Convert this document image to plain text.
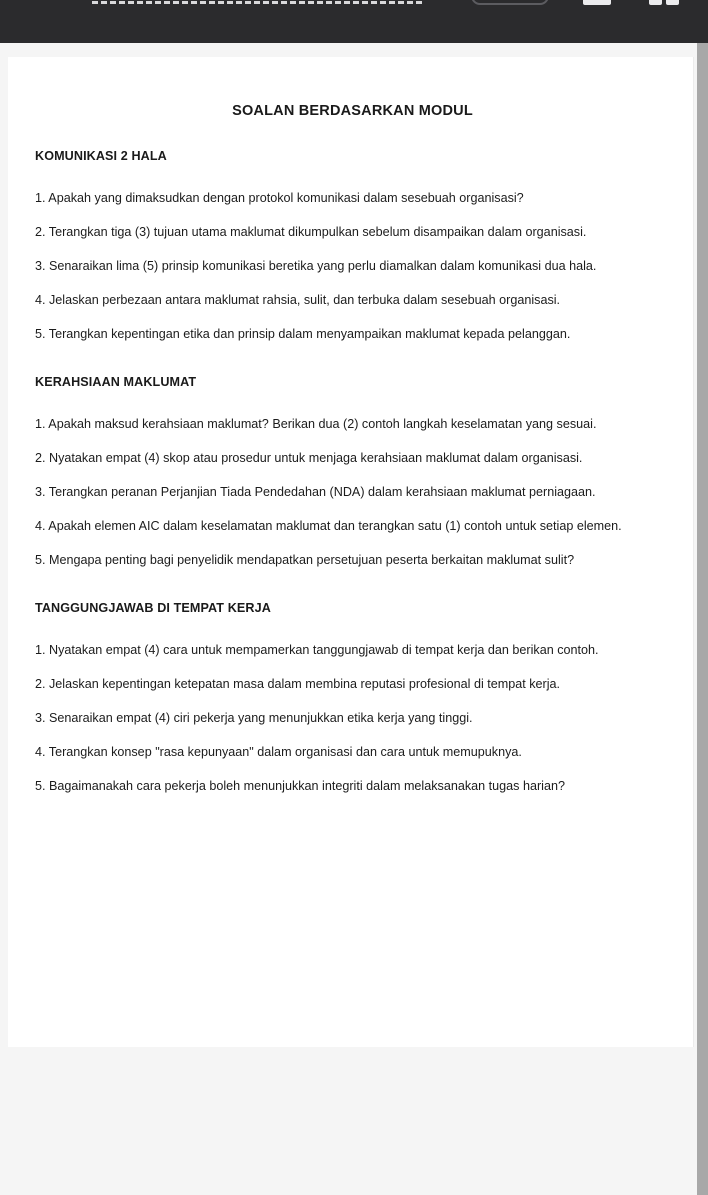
SOALAN BERDASARKAN MODUL
KOMUNIKASI 2 HALA

1. Apakah yang dimaksudkan dengan protokol komunikasi dalam sesebuah organisasi?

2. Terangkan tiga (3) tujuan utama maklumat dikumpulkan sebelum disampaikan dalam organisasi.

3. Senaraikan lima (5) prinsip komunikasi beretika yang perlu diamalkan dalam komunikasi dua hala.

4. Jelaskan perbezaan antara maklumat rahsia, sulit, dan terbuka dalam sesebuah organisasi.

5. Terangkan kepentingan etika dan prinsip dalam menyampaikan maklumat kepada pelanggan.

KERAHSIAAN MAKLUMAT

1. Apakah maksud kerahsiaan maklumat? Berikan dua (2) contoh langkah keselamatan yang sesuai.

2. Nyatakan empat (4) skop atau prosedur untuk menjaga kerahsiaan maklumat dalam organisasi.

3. Terangkan peranan Perjanjian Tiada Pendedahan (NDA) dalam kerahsiaan maklumat perniagaan.

4. Apakah elemen AIC dalam keselamatan maklumat dan terangkan satu (1) contoh untuk setiap elemen.

5. Mengapa penting bagi penyelidik mendapatkan persetujuan peserta berkaitan maklumat sulit?

TANGGUNGJAWAB DI TEMPAT KERJA

1. Nyatakan empat (4) cara untuk mempamerkan tanggungjawab di tempat kerja dan berikan contoh.

2. Jelaskan kepentingan ketepatan masa dalam membina reputasi profesional di tempat kerja.

3. Senaraikan empat (4) ciri pekerja yang menunjukkan etika kerja yang tinggi.

4. Terangkan konsep "rasa kepunyaan" dalam organisasi dan cara untuk memupuknya.

5. Bagaimanakah cara pekerja boleh menunjukkan integriti dalam melaksanakan tugas harian?
